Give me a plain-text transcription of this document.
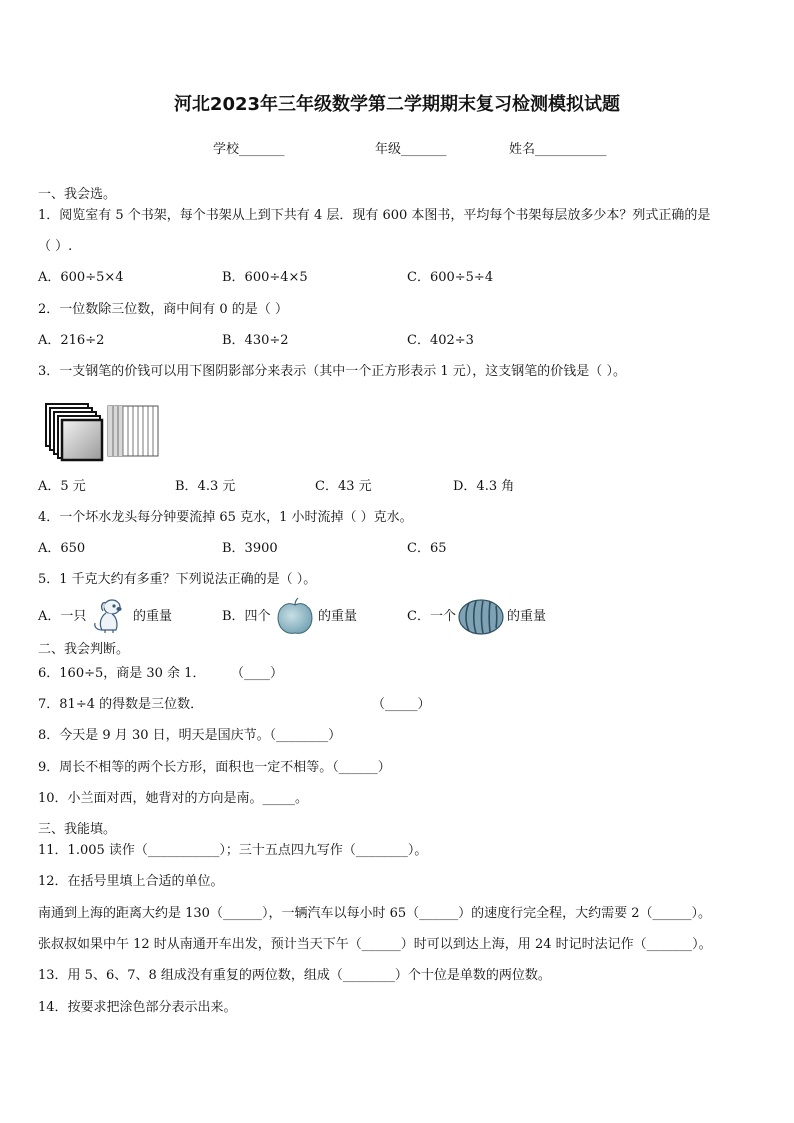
河北2023年三年级数学第二学期期末复习检测模拟试题
学校_______	年级_______	姓名___________
一、我会选。
1．阅览室有 5 个书架，每个书架从上到下共有 4 层．现有 600 本图书，平均每个书架每层放多少本？列式正确的是
（ ）.
A．600÷5×4	B．600÷4×5	C．600÷5÷4
2．一位数除三位数，商中间有 0 的是（ ）
A．216÷2	B．430÷2	C．402÷3
3．一支钢笔的价钱可以用下图阴影部分来表示（其中一个正方形表示 1 元），这支钢笔的价钱是（ ）。
A．5 元	B．4.3 元	C．43 元	D．4.3 角
4．一个坏水龙头每分钟要流掉 65 克水，1 小时流掉（ ）克水。
A．650	B．3900	C．65
5．1 千克大约有多重？下列说法正确的是（ ）。
A．一只	的重量	B．四个	的重量	C．一个	的重量
二、我会判断。
6．160÷5，商是 30 余 1． （____）
7．81÷4 的得数是三位数．	（_____）
8．今天是 9 月 30 日，明天是国庆节。（________）
9．周长不相等的两个长方形，面积也一定不相等。（______）
10．小兰面对西，她背对的方向是南。_____。
三、我能填。
11．1.005 读作（___________）；三十五点四九写作（________）。
12．在括号里填上合适的单位。
南通到上海的距离大约是 130（______），一辆汽车以每小时 65（______）的速度行完全程，大约需要 2（______）。
张叔叔如果中午 12 时从南通开车出发，预计当天下午（______）时可以到达上海，用 24 时记时法记作（_______）。
13．用 5、6、7、8 组成没有重复的两位数，组成（________）个十位是单数的两位数。
14．按要求把涂色部分表示出来。
